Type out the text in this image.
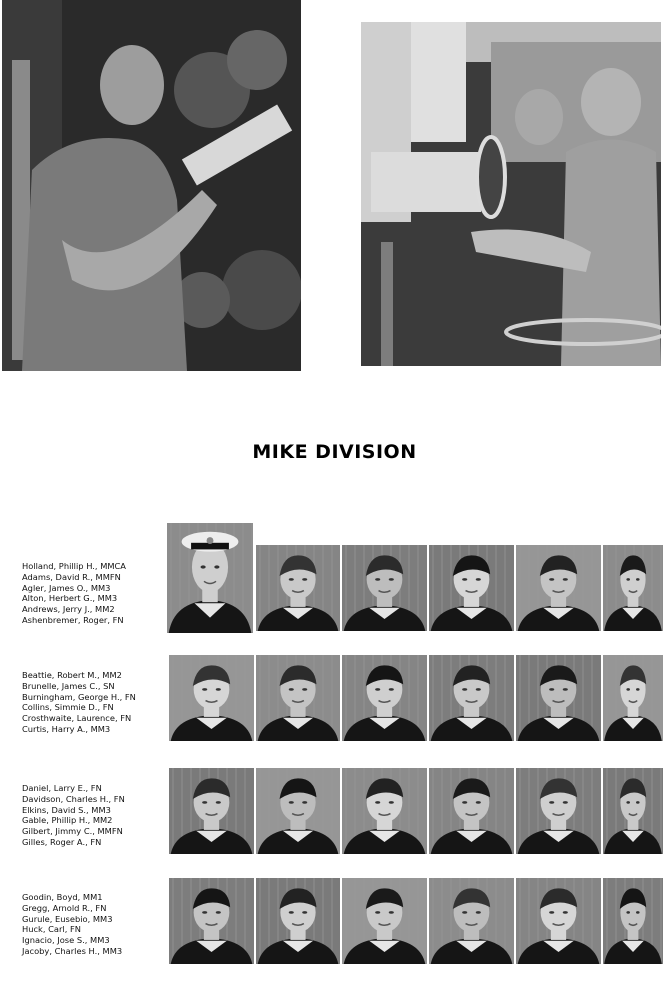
MIKE DIVISION
Holland, Phillip H., MMCA
Adams, David R., MMFN
Agler, James O., MM3
Alton, Herbert G., MM3
Andrews, Jerry J., MM2
Ashenbremer, Roger, FN
Beattie, Robert M., MM2
Brunelle, James C., SN
Burningham, George H., FN
Collins, Simmie D., FN
Crosthwaite, Laurence, FN
Curtis, Harry A., MM3
Daniel, Larry E., FN
Davidson, Charles H., FN
Elkins, David S., MM3
Gable, Phillip H., MM2
Gilbert, Jimmy C., MMFN
Gilles, Roger A., FN
Goodin, Boyd, MM1
Gregg, Arnold R., FN
Gurule, Eusebio, MM3
Huck, Carl, FN
Ignacio, Jose S., MM3
Jacoby, Charles H., MM3
